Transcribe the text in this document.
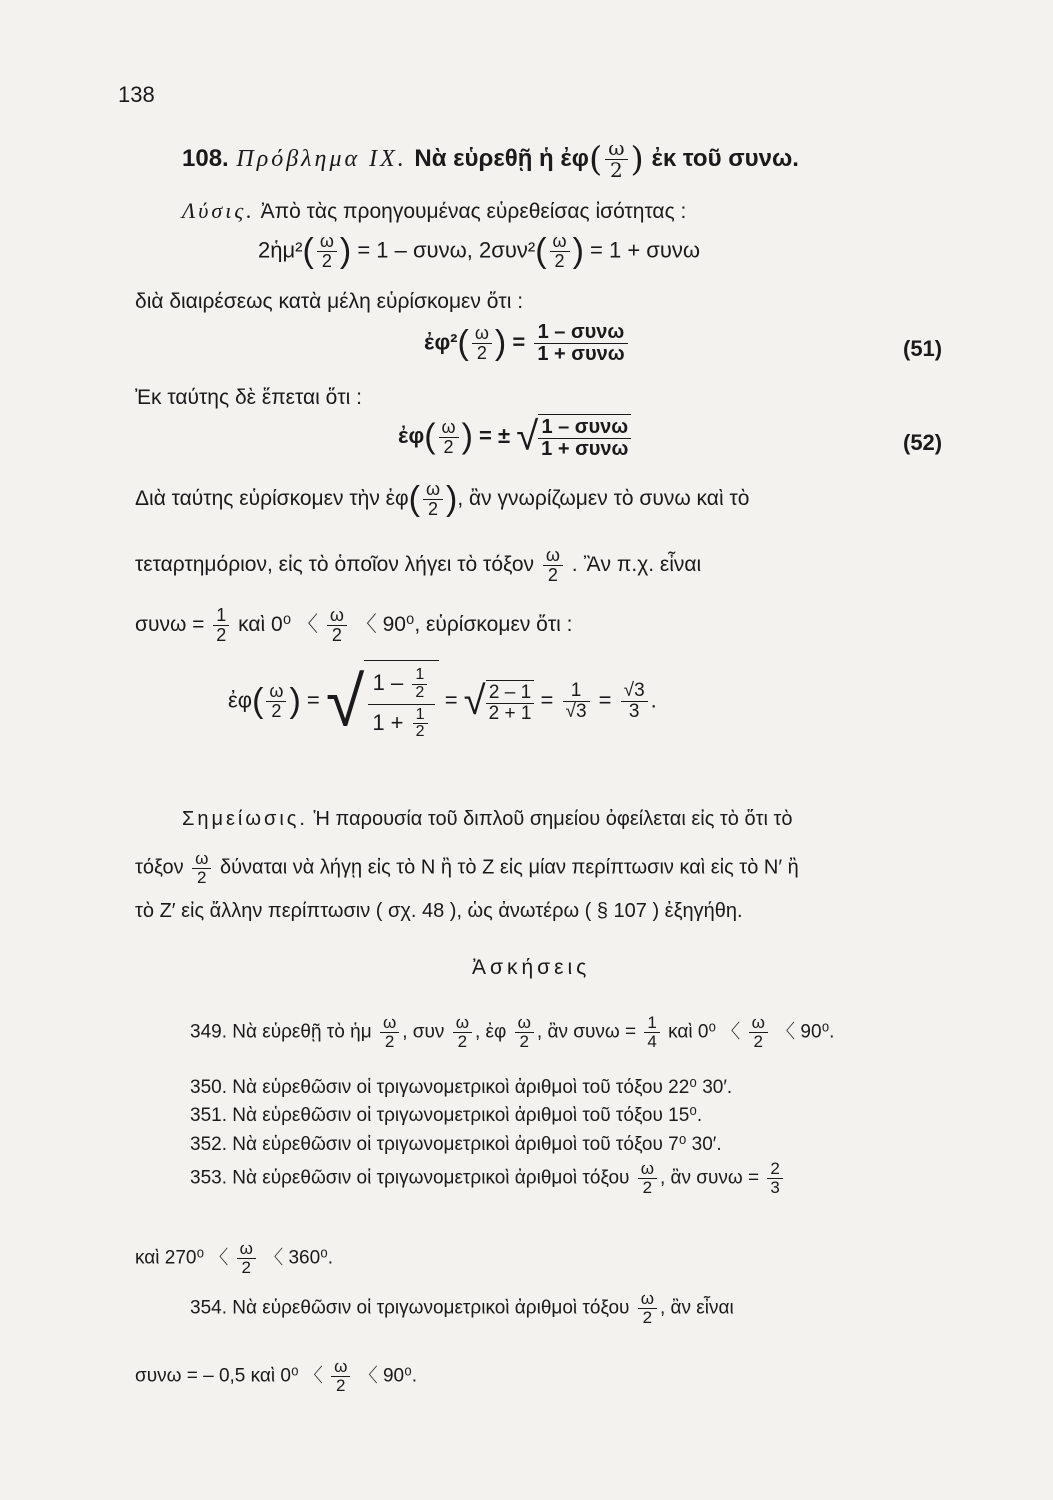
138
108. Πρόβλημα IX. Νὰ εὑρεθῇ ἡ ἐφ( $\frac{\omega}{2}$ ) ἐκ τοῦ συνω.
Λύσις. Ἀπὸ τὰς προηγουμένας εὑρεθείσας ἰσότητας :
2ἡμ²( $\frac{\omega}{2}$ ) = 1 – συνω, $2\sigma\upsilon\nu^2( \frac{\omega}{2}$ ) = 1 + συνω
διὰ διαιρέσεως κατὰ μέλη εὑρίσκομεν ὅτι :
ἐφ²( $\frac{\omega}{2}$ ) = $\frac{\text{1 – συνω}}{\text{1 + συνω}}$	(51)
Ἐκ ταύτης δὲ ἕπεται ὅτι :
ἐφ( $\frac{\omega}{2}$ ) = ± √ $\frac{\text{1 – συνω}}{\text{1 + συνω}}$	(52)
Διὰ ταύτης εὑρίσκομεν τὴν ἐφ( $\frac{\omega}{2}$ ), ἂν γνωρίζωμεν τὸ συνω καὶ τὸ
τεταρτημόριον, εἰς τὸ ὁποῖον λήγει τὸ τόξον $\frac{\omega}{2}$ . Ἂν π.χ. εἶναι
$\sigma\upsilon\nu\omega = \frac{1}{2}$ καὶ 0⁰ 〈 $\frac{\omega}{2}$ 〈 90⁰, εὑρίσκομεν ὅτι :
ἐφ( $\frac{\omega}{2}$ ) = √ $\frac{1 - \frac{1}{2}}{1 + \frac{1}{2}}$ = √ $\frac{2 - 1}{2 + 1} = \frac{1}{√3} = \frac{√3}{3}$ .
Σημείωσις. Ἡ παρουσία τοῦ διπλοῦ σημείου ὀφείλεται εἰς τὸ ὅτι τὸ
τόξον $\frac{\omega}{2}$ δύναται νὰ λήγῃ εἰς τὸ Ν ἢ τὸ Ζ εἰς μίαν περίπτωσιν καὶ εἰς τὸ Ν′ ἢ
τὸ Ζ′ εἰς ἄλλην περίπτωσιν ( σχ. 48 ), ὡς ἀνωτέρω ( § 107 ) ἐξηγήθη.
Ἀσκήσεις
349. Νὰ εὑρεθῇ τὸ ἡμ $\frac{\omega}{2}$ , συν $\frac{\omega}{2}$ , ἐφ $\frac{\omega}{2}$ , ἂν $\sigma\upsilon\nu\omega = \frac{1}{4}$ καὶ 0⁰ 〈 $\frac{\omega}{2}$ 〈 90⁰.
350. Νὰ εὑρεθῶσιν οἱ τριγωνομετρικοὶ ἀριθμοὶ τοῦ τόξου 22⁰ 30′.
351. Νὰ εὑρεθῶσιν οἱ τριγωνομετρικοὶ ἀριθμοὶ τοῦ τόξου 15⁰.
352. Νὰ εὑρεθῶσιν οἱ τριγωνομετρικοὶ ἀριθμοὶ τοῦ τόξου 7⁰ 30′.
353. Νὰ εὑρεθῶσιν οἱ τριγωνομετρικοὶ ἀριθμοὶ τόξου $\frac{\omega}{2}$ , ἂν $\sigma\upsilon\nu\omega = \frac{2}{3}$
καὶ 270⁰ 〈 $\frac{\omega}{2}$ 〈 360⁰.
354. Νὰ εὑρεθῶσιν οἱ τριγωνομετρικοὶ ἀριθμοὶ τόξου $\frac{\omega}{2}$ , ἂν εἶναι
συνω = – 0,5 καὶ 0⁰ 〈 $\frac{\omega}{2}$ 〈 90⁰.
